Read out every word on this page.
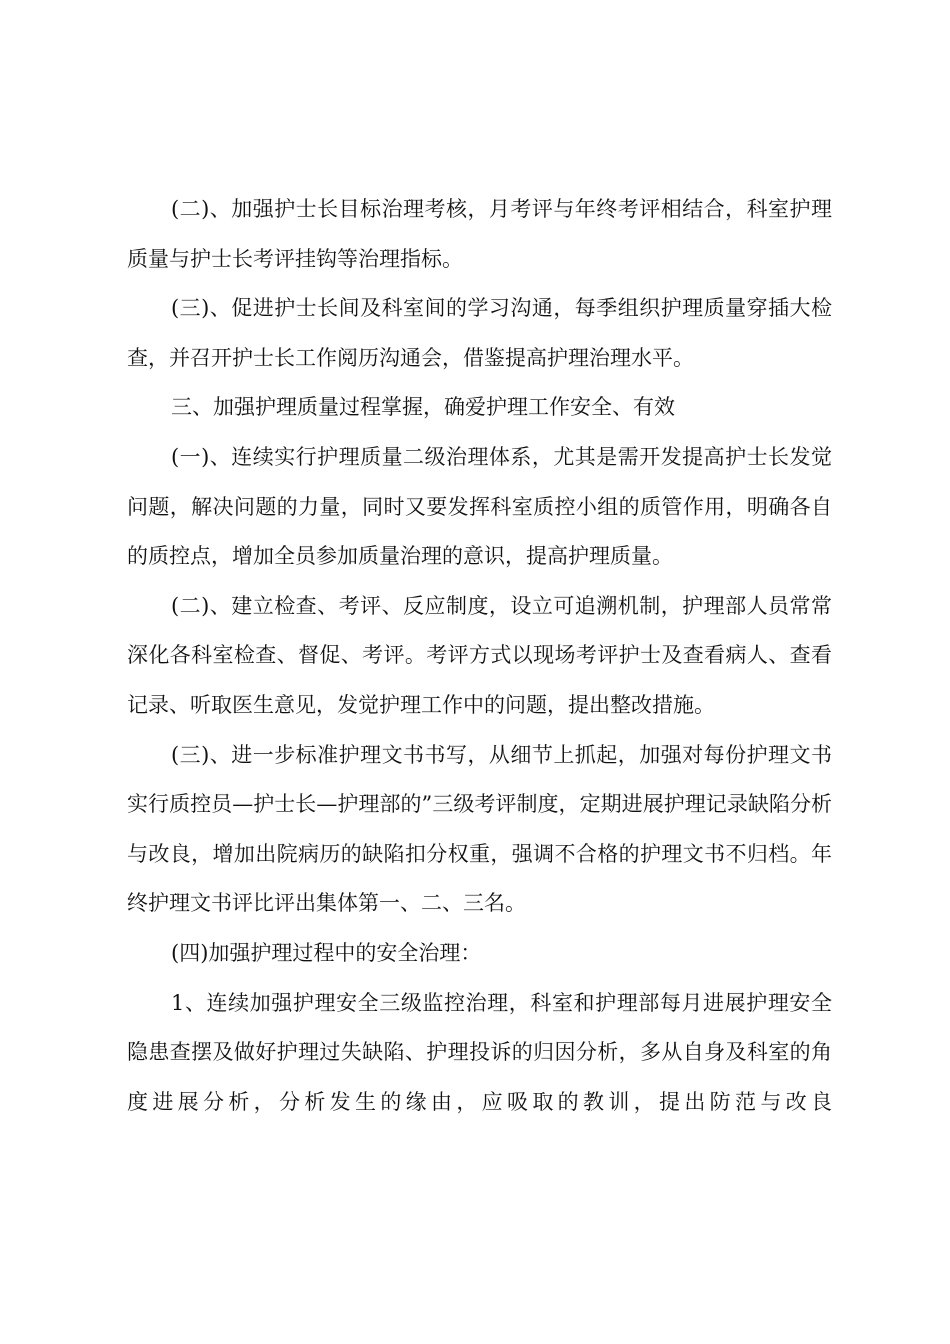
(二)、加强护士长目标治理考核，月考评与年终考评相结合，科室护理质量与护士长考评挂钩等治理指标。

(三)、促进护士长间及科室间的学习沟通，每季组织护理质量穿插大检查，并召开护士长工作阅历沟通会，借鉴提高护理治理水平。

三、加强护理质量过程掌握，确爱护理工作安全、有效

(一)、连续实行护理质量二级治理体系，尤其是需开发提高护士长发觉问题，解决问题的力量，同时又要发挥科室质控小组的质管作用，明确各自的质控点，增加全员参加质量治理的意识，提高护理质量。

(二)、建立检查、考评、反应制度，设立可追溯机制，护理部人员常常深化各科室检查、督促、考评。考评方式以现场考评护士及查看病人、查看记录、听取医生意见，发觉护理工作中的问题，提出整改措施。

(三)、进一步标准护理文书书写，从细节上抓起，加强对每份护理文书实行质控员—护士长—护理部的”三级考评制度，定期进展护理记录缺陷分析与改良，增加出院病历的缺陷扣分权重，强调不合格的护理文书不归档。年终护理文书评比评出集体第一、二、三名。

(四)加强护理过程中的安全治理：

1、连续加强护理安全三级监控治理，科室和护理部每月进展护理安全隐患查摆及做好护理过失缺陷、护理投诉的归因分析，多从自身及科室的角度进展分析，分析发生的缘由，应吸取的教训，提出防范与改良
